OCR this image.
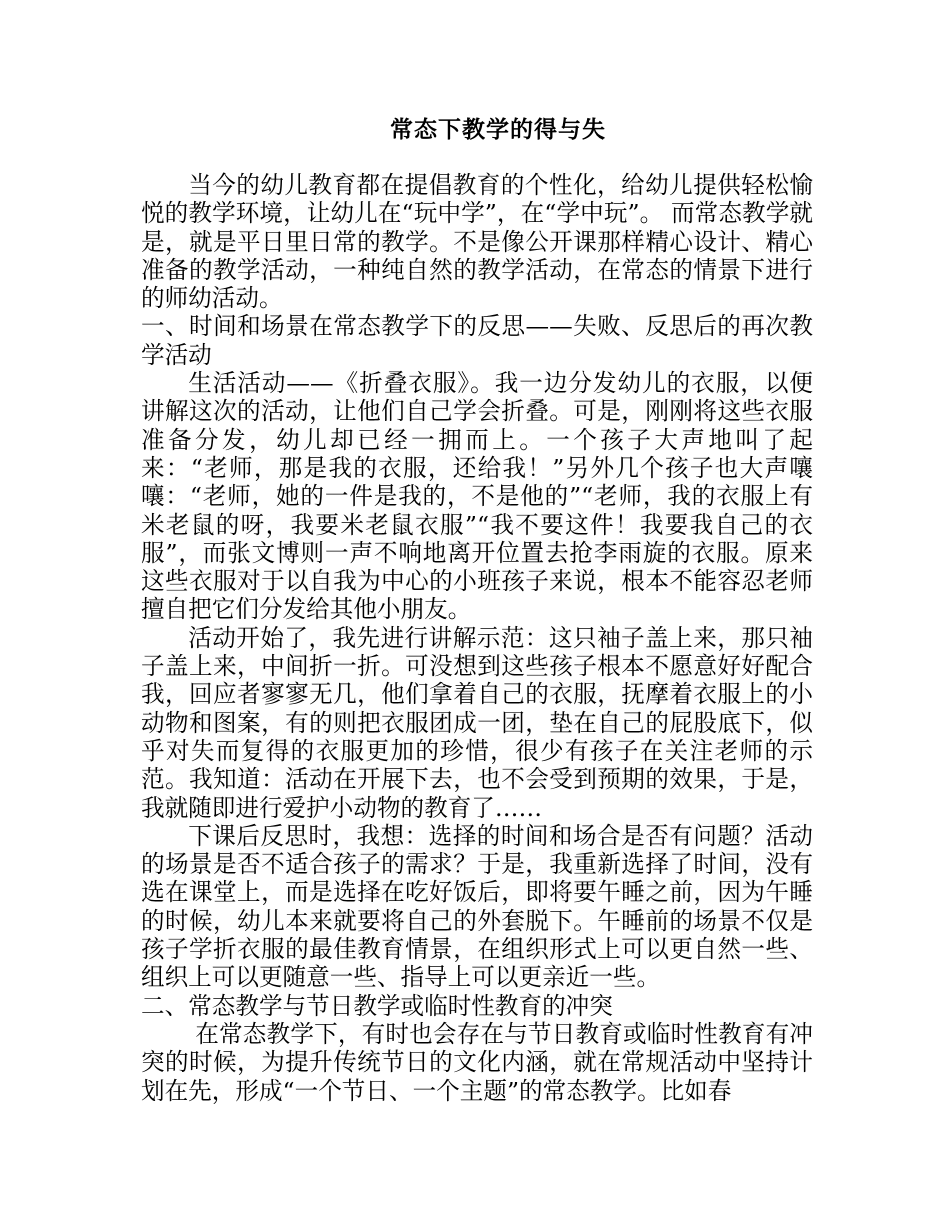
常态下教学的得与失

当今的幼儿教育都在提倡教育的个性化，给幼儿提供轻松愉悦的教学环境，让幼儿在“玩中学”，在“学中玩”。 而常态教学就是，就是平日里日常的教学。不是像公开课那样精心设计、精心准备的教学活动，一种纯自然的教学活动，在常态的情景下进行的师幼活动。

一、时间和场景在常态教学下的反思——失败、反思后的再次教学活动

生活活动——《折叠衣服》。我一边分发幼儿的衣服，以便讲解这次的活动，让他们自己学会折叠。可是，刚刚将这些衣服准备分发，幼儿却已经一拥而上。一个孩子大声地叫了起来：“老师，那是我的衣服，还给我！”另外几个孩子也大声嚷嚷：“老师，她的一件是我的，不是他的”“老师，我的衣服上有米老鼠的呀，我要米老鼠衣服”“我不要这件！我要我自己的衣服”，而张文博则一声不响地离开位置去抢李雨旋的衣服。原来这些衣服对于以自我为中心的小班孩子来说，根本不能容忍老师擅自把它们分发给其他小朋友。

活动开始了，我先进行讲解示范：这只袖子盖上来，那只袖子盖上来，中间折一折。可没想到这些孩子根本不愿意好好配合我，回应者寥寥无几，他们拿着自己的衣服，抚摩着衣服上的小动物和图案，有的则把衣服团成一团，垫在自己的屁股底下，似乎对失而复得的衣服更加的珍惜，很少有孩子在关注老师的示范。我知道：活动在开展下去，也不会受到预期的效果，于是，我就随即进行爱护小动物的教育了……

下课后反思时，我想：选择的时间和场合是否有问题？活动的场景是否不适合孩子的需求？于是，我重新选择了时间，没有选在课堂上，而是选择在吃好饭后，即将要午睡之前，因为午睡的时候，幼儿本来就要将自己的外套脱下。午睡前的场景不仅是孩子学折衣服的最佳教育情景，在组织形式上可以更自然一些、组织上可以更随意一些、指导上可以更亲近一些。

二、常态教学与节日教学或临时性教育的冲突

在常态教学下，有时也会存在与节日教育或临时性教育有冲突的时候，为提升传统节日的文化内涵，就在常规活动中坚持计划在先，形成“一个节日、一个主题”的常态教学。比如春
